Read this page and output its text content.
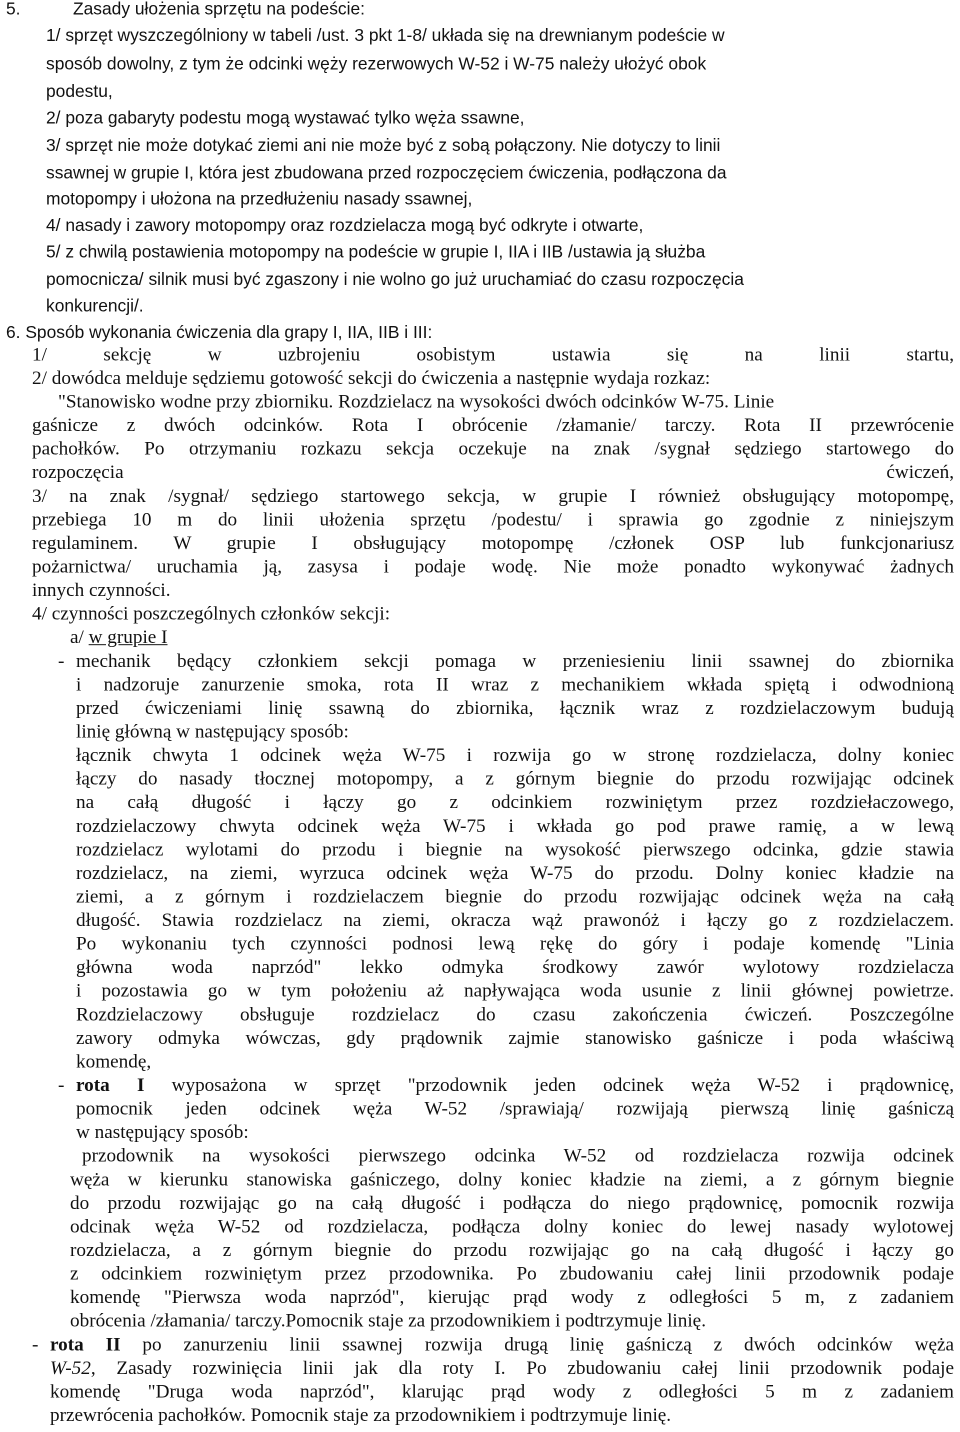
5.	Zasady ułożenia sprzętu na podeście:

1/ sprzęt wyszczególniony w tabeli /ust. 3 pkt 1-8/ układa się na drewnianym podeście w

sposób dowolny, z tym że odcinki węży rezerwowych W-52 i W-75 należy ułożyć obok

podestu,

2/ poza gabaryty podestu mogą wystawać tylko węża ssawne,

3/ sprzęt nie może dotykać ziemi ani nie może być z sobą połączony. Nie dotyczy to linii

ssawnej w grupie I, która jest zbudowana przed rozpoczęciem ćwiczenia, podłączona da

motopompy i ułożona na przedłużeniu nasady ssawnej,

4/ nasady i zawory motopompy oraz rozdzielacza mogą być odkryte i otwarte,

5/ z chwilą postawienia motopompy na podeście w grupie I, IIA i IIB /ustawia ją służba

pomocnicza/ silnik musi być zgaszony i nie wolno go już uruchamiać do czasu rozpoczęcia

konkurencji/.

6. Sposób wykonania ćwiczenia dla grapy I, IIA, IIB i III:

1/ sekcję w uzbrojeniu osobistym ustawia się na linii startu,

2/ dowódca melduje sędziemu gotowość sekcji do ćwiczenia a następnie wydaja rozkaz:

"Stanowisko wodne przy zbiorniku. Rozdzielacz na wysokości dwóch odcinków W-75. Linie

gaśnicze z dwóch odcinków. Rota I obrócenie /złamanie/ tarczy. Rota II przewrócenie

pachołków. Po otrzymaniu rozkazu sekcja oczekuje na znak /sygnał sędziego startowego do

rozpoczęcia ćwiczeń,

3/ na znak /sygnał/ sędziego startowego sekcja, w grupie I również obsługujący motopompę,

przebiega 10 m do linii ułożenia sprzętu /podestu/ i sprawia go zgodnie z niniejszym

regulaminem. W grupie I obsługujący motopompę /członek OSP lub funkcjonariusz

pożarnictwa/ uruchamia ją, zasysa i podaje wodę. Nie może ponadto wykonywać żadnych

innych czynności.

4/ czynności poszczególnych członków sekcji:

a/ w grupie I

- mechanik będący członkiem sekcji pomaga w przeniesieniu linii ssawnej do zbiornika

i nadzoruje zanurzenie smoka, rota II wraz z mechanikiem wkłada spiętą i odwodnioną

przed ćwiczeniami linię ssawną do zbiornika, łącznik wraz z rozdzielaczowym budują

linię główną w następujący sposób:

łącznik chwyta 1 odcinek węża W-75 i rozwija go w stronę rozdzielacza, dolny koniec

łączy do nasady tłocznej motopompy, a z górnym biegnie do przodu rozwijając odcinek

na całą długość i łączy go z odcinkiem rozwiniętym przez rozdziełaczowego,

rozdzielaczowy chwyta odcinek węża W-75 i wkłada go pod prawe ramię, a w lewą

rozdzielacz wylotami do przodu i biegnie na wysokość pierwszego odcinka, gdzie stawia

rozdzielacz, na ziemi, wyrzuca odcinek węża W-75 do przodu. Dolny koniec kładzie na

ziemi, a z górnym i rozdzielaczem biegnie do przodu rozwijając odcinek węża na całą

długość. Stawia rozdzielacz na ziemi, okracza wąż prawonóż i łączy go z rozdzielaczem.

Po wykonaniu tych czynności podnosi lewą rękę do góry i podaje komendę "Linia

główna woda naprzód" lekko odmyka środkowy zawór wylotowy rozdzielacza

i pozostawia go w tym położeniu aż napływająca woda usunie z linii głównej powietrze.

Rozdzielaczowy obsługuje rozdzielacz do czasu zakończenia ćwiczeń. Poszczególne

zawory odmyka wówczas, gdy prądownik zajmie stanowisko gaśnicze i poda właściwą

komendę,

- rota I wyposażona w sprzęt "przodownik jeden odcinek węża W-52 i prądownicę,

pomocnik jeden odcinek węża W-52 /sprawiają/ rozwijają pierwszą linię gaśniczą

w następujący sposób:

przodownik na wysokości pierwszego odcinka W-52 od rozdzielacza rozwija odcinek

węża w kierunku stanowiska gaśniczego, dolny koniec kładzie na ziemi, a z górnym biegnie

do przodu rozwijając go na całą długość i podłącza do niego prądownicę, pomocnik rozwija

odcinak węża W-52 od rozdzielacza, podłącza dolny koniec do lewej nasady wylotowej

rozdzielacza, a z górnym biegnie do przodu rozwijając go na całą długość i łączy go

z odcinkiem rozwiniętym przez przodownika. Po zbudowaniu całej linii przodownik podaje

komendę "Pierwsza woda naprzód", kierując prąd wody z odległości 5 m, z zadaniem

obrócenia /złamania/ tarczy.Pomocnik staje za przodownikiem i podtrzymuje linię.

- rota II po zanurzeniu linii ssawnej rozwija drugą linię gaśniczą z dwóch odcinków węża

W-52, Zasady rozwinięcia linii jak dla roty I. Po zbudowaniu całej linii przodownik podaje

komendę "Druga woda naprzód", klarując prąd wody z odległości 5 m z zadaniem

przewrócenia pachołków. Pomocnik staje za przodownikiem i podtrzymuje linię.
